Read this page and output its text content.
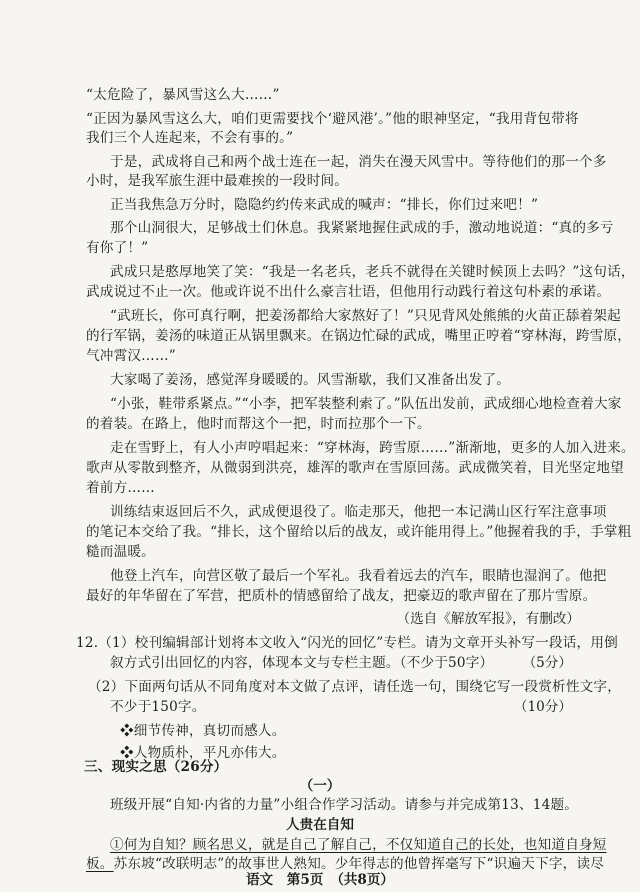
“太危险了，暴风雪这么大……”
“正因为暴风雪这么大，咱们更需要找个‘避风港’。”他的眼神坚定，“我用背包带将
我们三个人连起来，不会有事的。”
于是，武成将自己和两个战士连在一起，消失在漫天风雪中。等待他们的那一个多
小时，是我军旅生涯中最难挨的一段时间。
正当我焦急万分时，隐隐约约传来武成的喊声：“排长，你们过来吧！”
那个山洞很大，足够战士们休息。我紧紧地握住武成的手，激动地说道：“真的多亏
有你了！”
武成只是憨厚地笑了笑：“我是一名老兵，老兵不就得在关键时候顶上去吗？”这句话，
武成说过不止一次。他或许说不出什么豪言壮语，但他用行动践行着这句朴素的承诺。
“武班长，你可真行啊，把姜汤都给大家熬好了！”只见背风处熊熊的火苗正舔着架起
的行军锅，姜汤的味道正从锅里飘来。在锅边忙碌的武成，嘴里正哼着“穿林海，跨雪原，
气冲霄汉……”
大家喝了姜汤，感觉浑身暖暖的。风雪渐歇，我们又准备出发了。
“小张，鞋带系紧点。”“小李，把军装整利索了。”队伍出发前，武成细心地检查着大家
的着装。在路上，他时而帮这个一把，时而拉那个一下。
走在雪野上，有人小声哼唱起来：“穿林海，跨雪原……”渐渐地，更多的人加入进来。
歌声从零散到整齐，从微弱到洪亮，雄浑的歌声在雪原回荡。武成微笑着，目光坚定地望
着前方……
训练结束返回后不久，武成便退役了。临走那天，他把一本记满山区行军注意事项
的笔记本交给了我。“排长，这个留给以后的战友，或许能用得上。”他握着我的手，手掌粗
糙而温暖。
他登上汽车，向营区敬了最后一个军礼。我看着远去的汽车，眼睛也湿润了。他把
最好的年华留在了军营，把质朴的情感留给了战友，把豪迈的歌声留在了那片雪原。
（选自《解放军报》，有删改）
12.（1）校刊编辑部计划将本文收入“闪光的回忆”专栏。请为文章开头补写一段话，用倒
叙方式引出回忆的内容，体现本文与专栏主题。（不少于50字） （5分）
（2）下面两句话从不同角度对本文做了点评，请任选一句，围绕它写一段赏析性文字，
不少于150字。	（10分）
❖细节传神，真切而感人。
❖人物质朴，平凡亦伟大。
三、现实之思（26分）
（一）
班级开展“自知·内省的力量”小组合作学习活动。请参与并完成第13、14题。
人贵在自知
①何为自知？顾名思义，就是自己了解自己，不仅知道自己的长处，也知道自身短
板。苏东坡“改联明志”的故事世人熟知。少年得志的他曾挥毫写下“识遍天下字，读尽
语文　第5页　（共8页）
